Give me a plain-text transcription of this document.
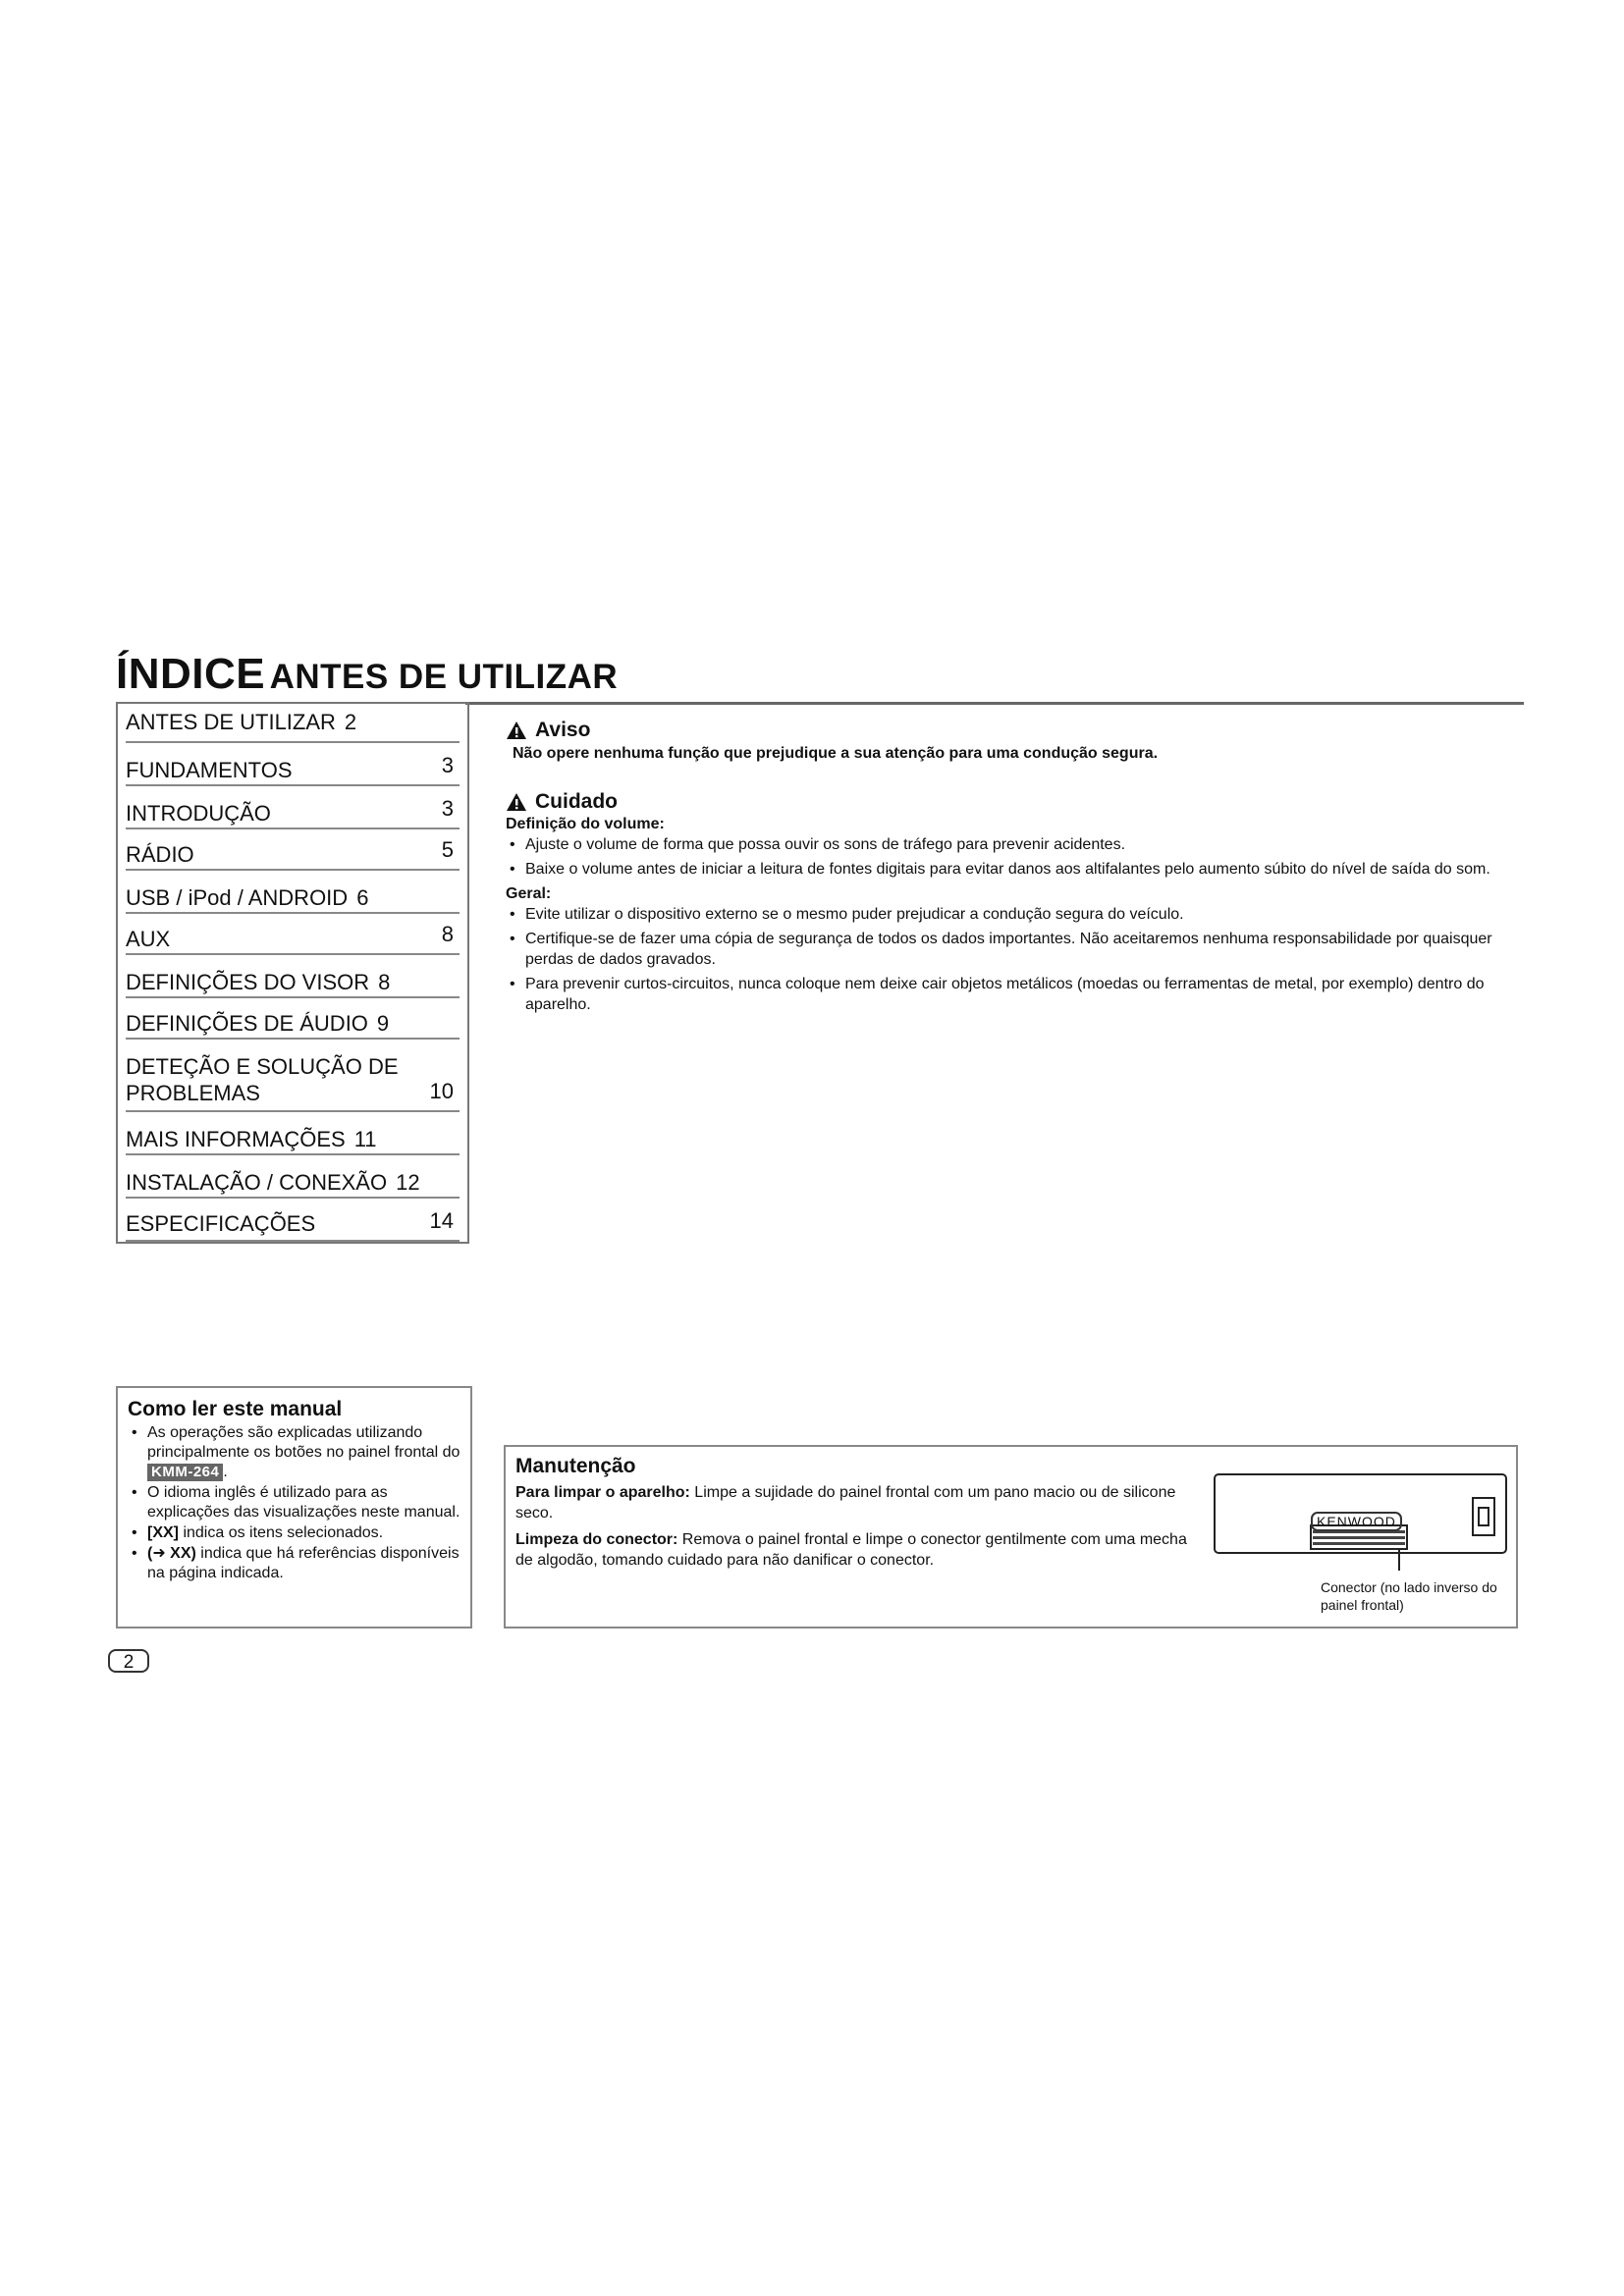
ÍNDICE ANTES DE UTILIZAR
ANTES DE UTILIZAR 2
FUNDAMENTOS	3
INTRODUÇÃO	3
RÁDIO	5
USB / iPod / ANDROID 6
AUX	8
DEFINIÇÕES DO VISOR 8
DEFINIÇÕES DE ÁUDIO 9
DETEÇÃO E SOLUÇÃO DE
PROBLEMAS	10
MAIS INFORMAÇÕES 11
INSTALAÇÃO / CONEXÃO 12
ESPECIFICAÇÕES	14
Aviso
Não opere nenhuma função que prejudique a sua atenção para uma condução segura.
Cuidado
Definição do volume:
• Ajuste o volume de forma que possa ouvir os sons de tráfego para prevenir acidentes.
• Baixe o volume antes de iniciar a leitura de fontes digitais para evitar danos aos altifalantes pelo aumento súbito do nível de saída do som.
Geral:
• Evite utilizar o dispositivo externo se o mesmo puder prejudicar a condução segura do veículo.
• Certifique-se de fazer uma cópia de segurança de todos os dados importantes. Não aceitaremos nenhuma responsabilidade por quaisquer perdas de dados gravados.
• Para prevenir curtos-circuitos, nunca coloque nem deixe cair objetos metálicos (moedas ou ferramentas de metal, por exemplo) dentro do aparelho.
Como ler este manual
• As operações são explicadas utilizando principalmente os botões no painel frontal do KMM-264 .
• O idioma inglês é utilizado para as explicações das visualizações neste manual.
• [XX] indica os itens selecionados.
• (➜ XX) indica que há referências disponíveis na página indicada.
Manutenção

Para limpar o aparelho: Limpe a sujidade do painel frontal com um pano macio ou de silicone seco.

Limpeza do conector: Remova o painel frontal e limpe o conector gentilmente com uma mecha de algodão, tomando cuidado para não danificar o conector.

KENWOOD
Conector (no lado inverso do
painel frontal)
2
